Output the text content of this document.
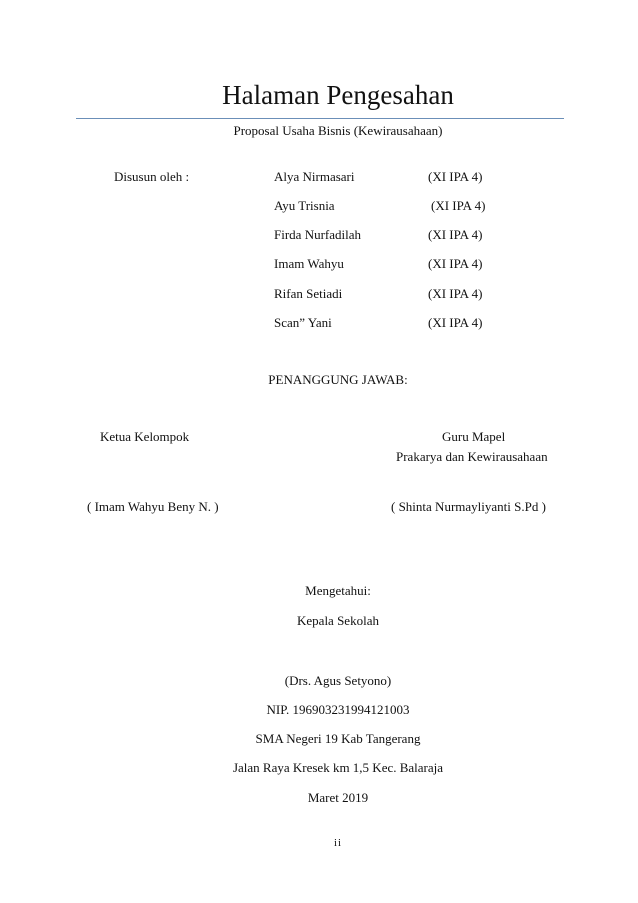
Halaman Pengesahan
Proposal Usaha Bisnis (Kewirausahaan)
Disusun oleh :	Alya Nirmasari	(XI IPA 4)
Ayu Trisnia	(XI IPA 4)
Firda Nurfadilah	(XI IPA 4)
Imam Wahyu	(XI IPA 4)
Rifan Setiadi	(XI IPA 4)
Scan” Yani	(XI IPA 4)
PENANGGUNG JAWAB:
Ketua Kelompok	Guru Mapel
Prakarya dan Kewirausahaan
( Imam Wahyu Beny N. )	( Shinta Nurmayliyanti S.Pd )
Mengetahui:
Kepala Sekolah
(Drs. Agus Setyono)
NIP. 196903231994121003
SMA Negeri 19 Kab Tangerang
Jalan Raya Kresek km 1,5 Kec. Balaraja
Maret 2019
ii
